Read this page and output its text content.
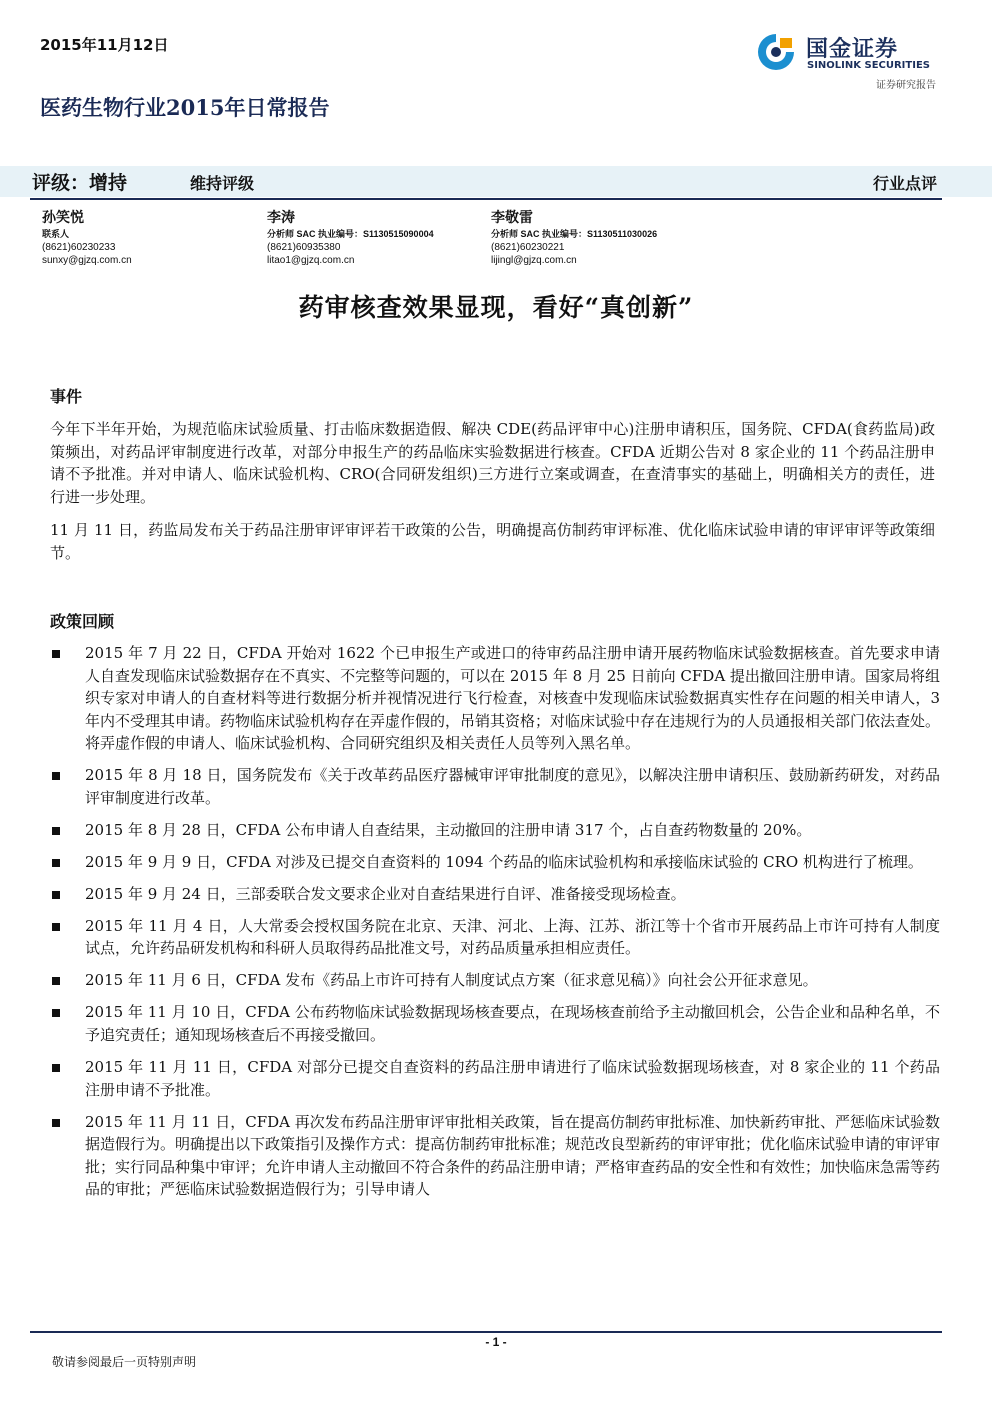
2015年11月12日	国金证券
SINOLINK SECURITIES
证券研究报告
医药生物行业2015年日常报告
评级：增持	维持评级	行业点评
孙笑悦
联系人
(8621)60230233
sunxy@gjzq.com.cn
李涛
分析师 SAC 执业编号：S1130515090004
(8621)60935380
litao1@gjzq.com.cn
李敬雷
分析师 SAC 执业编号：S1130511030026
(8621)60230221
lijingl@gjzq.com.cn
药审核查效果显现，看好“真创新”
事件

今年下半年开始，为规范临床试验质量、打击临床数据造假、解决 CDE(药品评审中心)注册申请积压，国务院、CFDA(食药监局)政策频出，对药品评审制度进行改革，对部分申报生产的药品临床实验数据进行核查。CFDA 近期公告对 8 家企业的 11 个药品注册申请不予批准。并对申请人、临床试验机构、CRO(合同研发组织)三方进行立案或调查，在查清事实的基础上，明确相关方的责任，进行进一步处理。

11 月 11 日，药监局发布关于药品注册审评审评若干政策的公告，明确提高仿制药审评标准、优化临床试验申请的审评审评等政策细节。

政策回顾
2015 年 7 月 22 日，CFDA 开始对 1622 个已申报生产或进口的待审药品注册申请开展药物临床试验数据核查。首先要求申请人自查发现临床试验数据存在不真实、不完整等问题的，可以在 2015 年 8 月 25 日前向 CFDA 提出撤回注册申请。国家局将组织专家对申请人的自查材料等进行数据分析并视情况进行飞行检查，对核查中发现临床试验数据真实性存在问题的相关申请人，3 年内不受理其申请。药物临床试验机构存在弄虚作假的，吊销其资格；对临床试验中存在违规行为的人员通报相关部门依法查处。将弄虚作假的申请人、临床试验机构、合同研究组织及相关责任人员等列入黑名单。
2015 年 8 月 18 日，国务院发布《关于改革药品医疗器械审评审批制度的意见》，以解决注册申请积压、鼓励新药研发，对药品评审制度进行改革。
2015 年 8 月 28 日，CFDA 公布申请人自查结果，主动撤回的注册申请 317 个，占自查药物数量的 20%。
2015 年 9 月 9 日，CFDA 对涉及已提交自查资料的 1094 个药品的临床试验机构和承接临床试验的 CRO 机构进行了梳理。
2015 年 9 月 24 日，三部委联合发文要求企业对自查结果进行自评、准备接受现场检查。
2015 年 11 月 4 日，人大常委会授权国务院在北京、天津、河北、上海、江苏、浙江等十个省市开展药品上市许可持有人制度试点，允许药品研发机构和科研人员取得药品批准文号，对药品质量承担相应责任。
2015 年 11 月 6 日，CFDA 发布《药品上市许可持有人制度试点方案（征求意见稿）》向社会公开征求意见。
2015 年 11 月 10 日，CFDA 公布药物临床试验数据现场核查要点，在现场核查前给予主动撤回机会，公告企业和品种名单，不予追究责任；通知现场核查后不再接受撤回。
2015 年 11 月 11 日，CFDA 对部分已提交自查资料的药品注册申请进行了临床试验数据现场核查，对 8 家企业的 11 个药品注册申请不予批准。
2015 年 11 月 11 日，CFDA 再次发布药品注册审评审批相关政策，旨在提高仿制药审批标准、加快新药审批、严惩临床试验数据造假行为。明确提出以下政策指引及操作方式：提高仿制药审批标准；规范改良型新药的审评审批；优化临床试验申请的审评审批；实行同品种集中审评；允许申请人主动撤回不符合条件的药品注册申请；严格审查药品的安全性和有效性；加快临床急需等药品的审批；严惩临床试验数据造假行为；引导申请人
- 1 -
敬请参阅最后一页特别声明
